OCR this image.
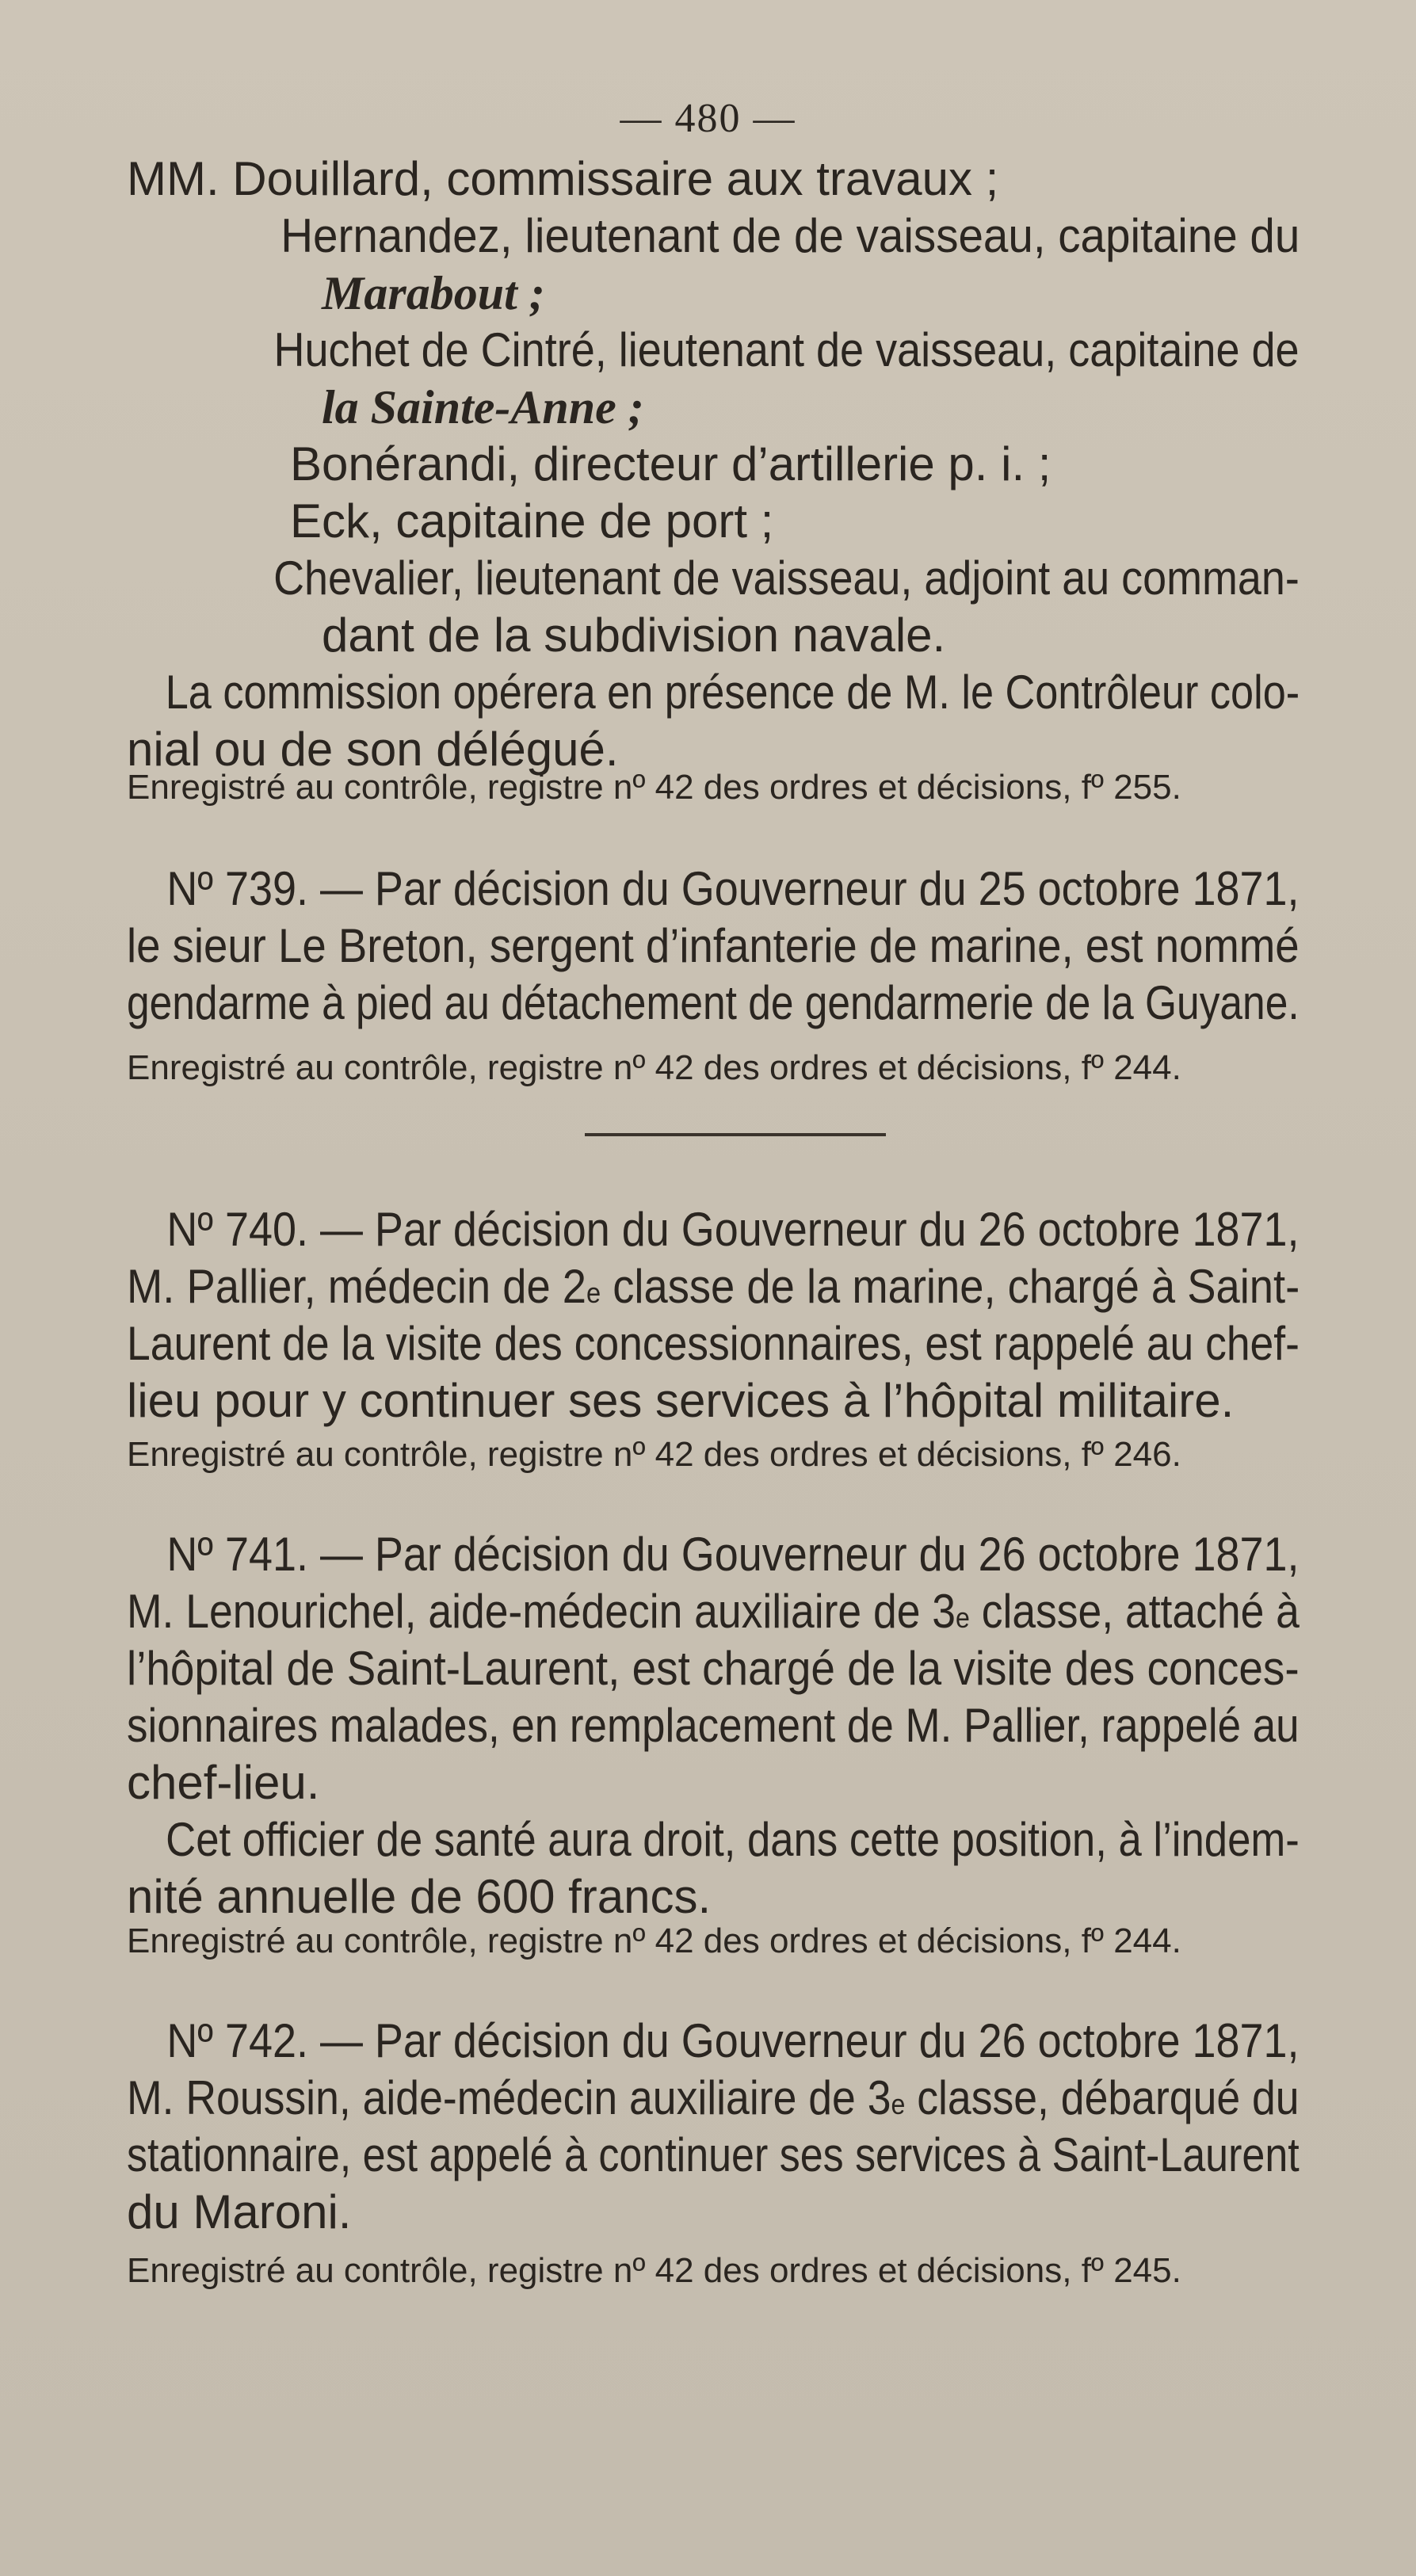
— 480 —
MM. Douillard, commissaire aux travaux ;
Hernandez, lieutenant de de vaisseau, capitaine du
Marabout ;
Huchet de Cintré, lieutenant de vaisseau, capitaine de
la Sainte-Anne ;
Bonérandi, directeur d’artillerie p. i. ;
Eck, capitaine de port ;
Chevalier, lieutenant de vaisseau, adjoint au comman-
dant de la subdivision navale.
La commission opérera en présence de M. le Contrôleur colo-
nial ou de son délégué.
Enregistré au contrôle, registre nº 42 des ordres et décisions, fº 255.
Nº 739. — Par décision du Gouverneur du 25 octobre 1871,
le sieur Le Breton, sergent d’infanterie de marine, est nommé
gendarme à pied au détachement de gendarmerie de la Guyane.
Enregistré au contrôle, registre nº 42 des ordres et décisions, fº 244.
Nº 740. — Par décision du Gouverneur du 26 octobre 1871,
M. Pallier, médecin de 2e classe de la marine, chargé à Saint-
Laurent de la visite des concessionnaires, est rappelé au chef-
lieu pour y continuer ses services à l’hôpital militaire.
Enregistré au contrôle, registre nº 42 des ordres et décisions, fº 246.
Nº 741. — Par décision du Gouverneur du 26 octobre 1871,
M. Lenourichel, aide-médecin auxiliaire de 3e classe, attaché à
l’hôpital de Saint-Laurent, est chargé de la visite des conces-
sionnaires malades, en remplacement de M. Pallier, rappelé au
chef-lieu.
Cet officier de santé aura droit, dans cette position, à l’indem-
nité annuelle de 600 francs.
Enregistré au contrôle, registre nº 42 des ordres et décisions, fº 244.
Nº 742. — Par décision du Gouverneur du 26 octobre 1871,
M. Roussin, aide-médecin auxiliaire de 3e classe, débarqué du
stationnaire, est appelé à continuer ses services à Saint-Laurent
du Maroni.
Enregistré au contrôle, registre nº 42 des ordres et décisions, fº 245.
